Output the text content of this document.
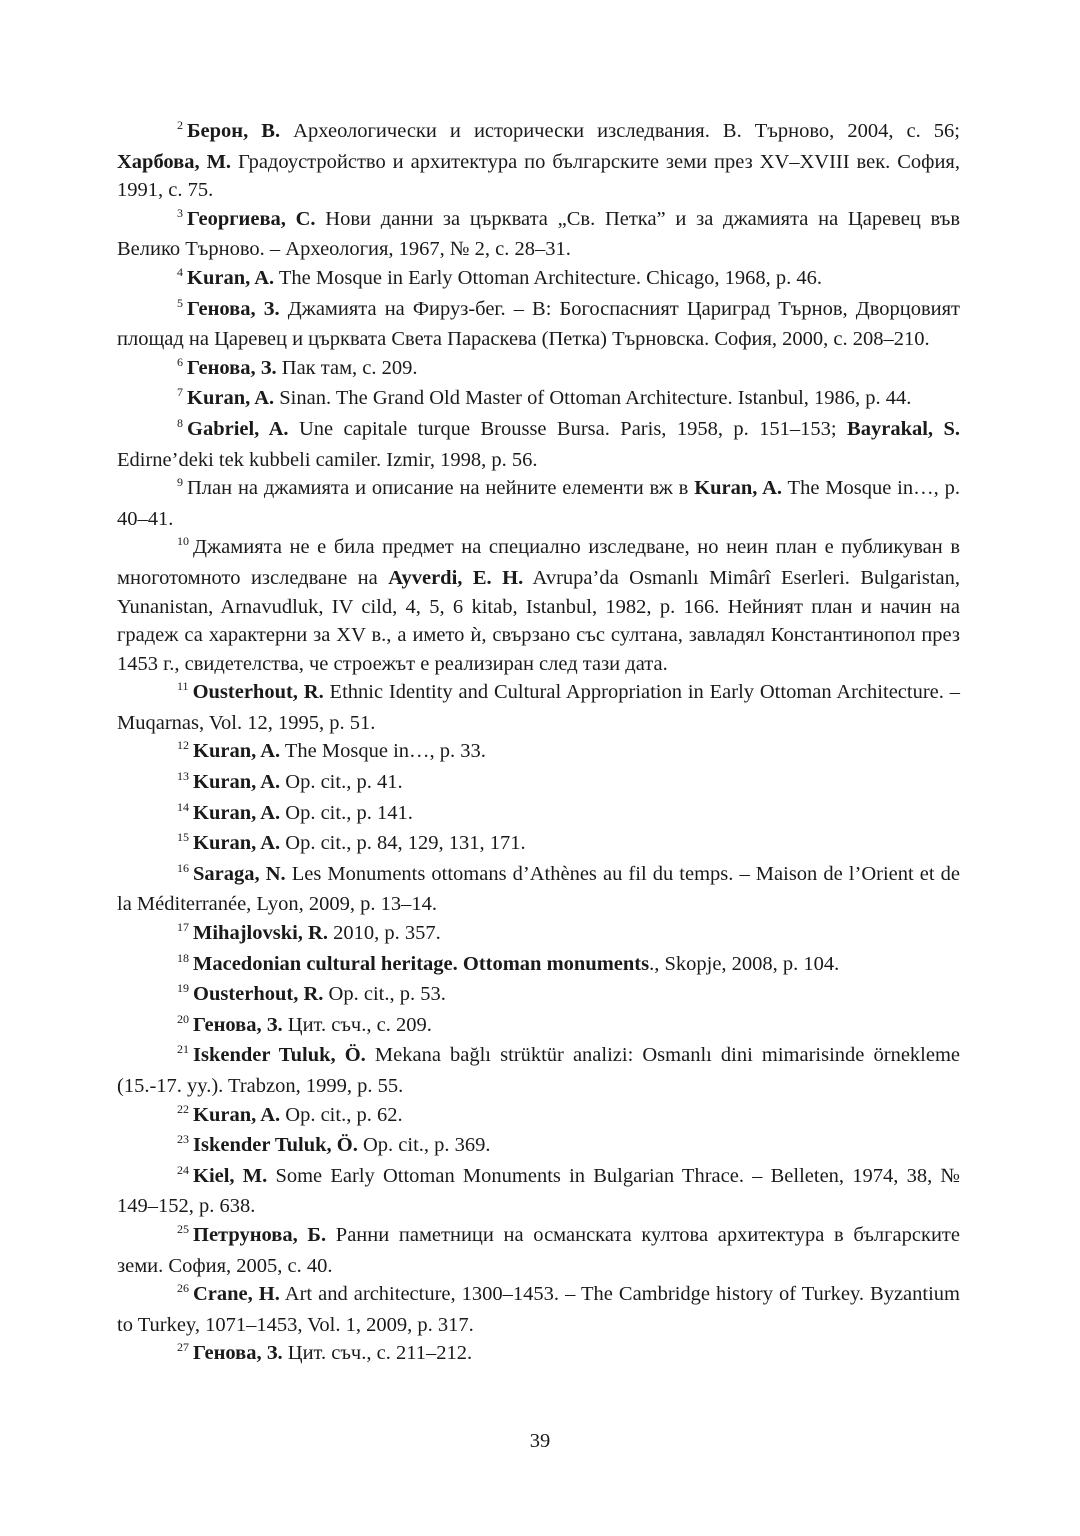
$^2$ Берон, В. Археологически и исторически изследвания. В. Търново, 2004, с. 56; Харбова, М. Градоустройство и архитектура по българските земи през XV–XVIII век. София, 1991, с. 75.

$^3$ Георгиева, С. Нови данни за църквата „Св. Петка” и за джамията на Царевец във Велико Търново. – Археология, 1967, № 2, с. 28–31.

$^4$ Kuran, A. The Mosque in Early Ottoman Architecture. Chicago, 1968, p. 46.

$^5$ Генова, З. Джамията на Фируз-бег. – В: Богоспасният Цариград Търнов, Дворцовият площад на Царевец и църквата Света Параскева (Петка) Търновска. София, 2000, с. 208–210.

$^6$ Генова, З. Пак там, с. 209.

$^7$ Kuran, A. Sinan. The Grand Old Master of Ottoman Architecture. Istanbul, 1986, p. 44.

$^8$ Gabriel, A. Une capitale turque Brousse Bursa. Paris, 1958, p. 151–153; Bayrakal, S. Edirne’deki tek kubbeli camiler. Izmir, 1998, p. 56.

$^9$ План на джамията и описание на нейните елементи вж в Kuran, A. The Mosque in…, p. 40–41.

$^{10}$ Джамията не е била предмет на специално изследване, но неин план е публикуван в многотомното изследване на Ayverdi, E. H. Avrupa’da Osmanlı Mimârî Eserleri. Bulgaristan, Yunanistan, Arnavudluk, IV cild, 4, 5, 6 kitab, Istanbul, 1982, p. 166. Нейният план и начин на градеж са характерни за XV в., а името ѝ, свързано със султана, завладял Константинопол през 1453 г., свидетелства, че строежът е реализиран след тази дата.

$^{11}$ Ousterhout, R. Ethnic Identity and Cultural Appropriation in Early Ottoman Architecture. – Muqarnas, Vol. 12, 1995, p. 51.

$^{12}$ Kuran, A. The Mosque in…, p. 33.

$^{13}$ Kuran, A. Op. cit., p. 41.

$^{14}$ Kuran, A. Op. cit., p. 141.

$^{15}$ Kuran, A. Op. cit., p. 84, 129, 131, 171.

$^{16}$ Saraga, N. Les Monuments ottomans d’Athènes au fil du temps. – Maison de l’Orient et de la Méditerranée, Lyon, 2009, p. 13–14.

$^{17}$ Mihajlovski, R. 2010, p. 357.

$^{18}$ Macedonian cultural heritage. Ottoman monuments., Skopje, 2008, p. 104.

$^{19}$ Ousterhout, R. Op. cit., p. 53.

$^{20}$ Генова, З. Цит. съч., с. 209.

$^{21}$ Iskender Tuluk, Ö. Mekana bağlı strüktür analizi: Osmanlı dini mimarisinde örnekleme (15.-17. yy.). Trabzon, 1999, p. 55.

$^{22}$ Kuran, A. Op. cit., p. 62.

$^{23}$ Iskender Tuluk, Ö. Op. cit., p. 369.

$^{24}$ Kiel, M. Some Early Ottoman Monuments in Bulgarian Thrace. – Belleten, 1974, 38, № 149–152, p. 638.

$^{25}$ Петрунова, Б. Ранни паметници на османската култова архитектура в българските земи. София, 2005, с. 40.

$^{26}$ Crane, H. Art and architecture, 1300–1453. – The Cambridge history of Turkey. Byzantium to Turkey, 1071–1453, Vol. 1, 2009, p. 317.

$^{27}$ Генова, З. Цит. съч., с. 211–212.

39
